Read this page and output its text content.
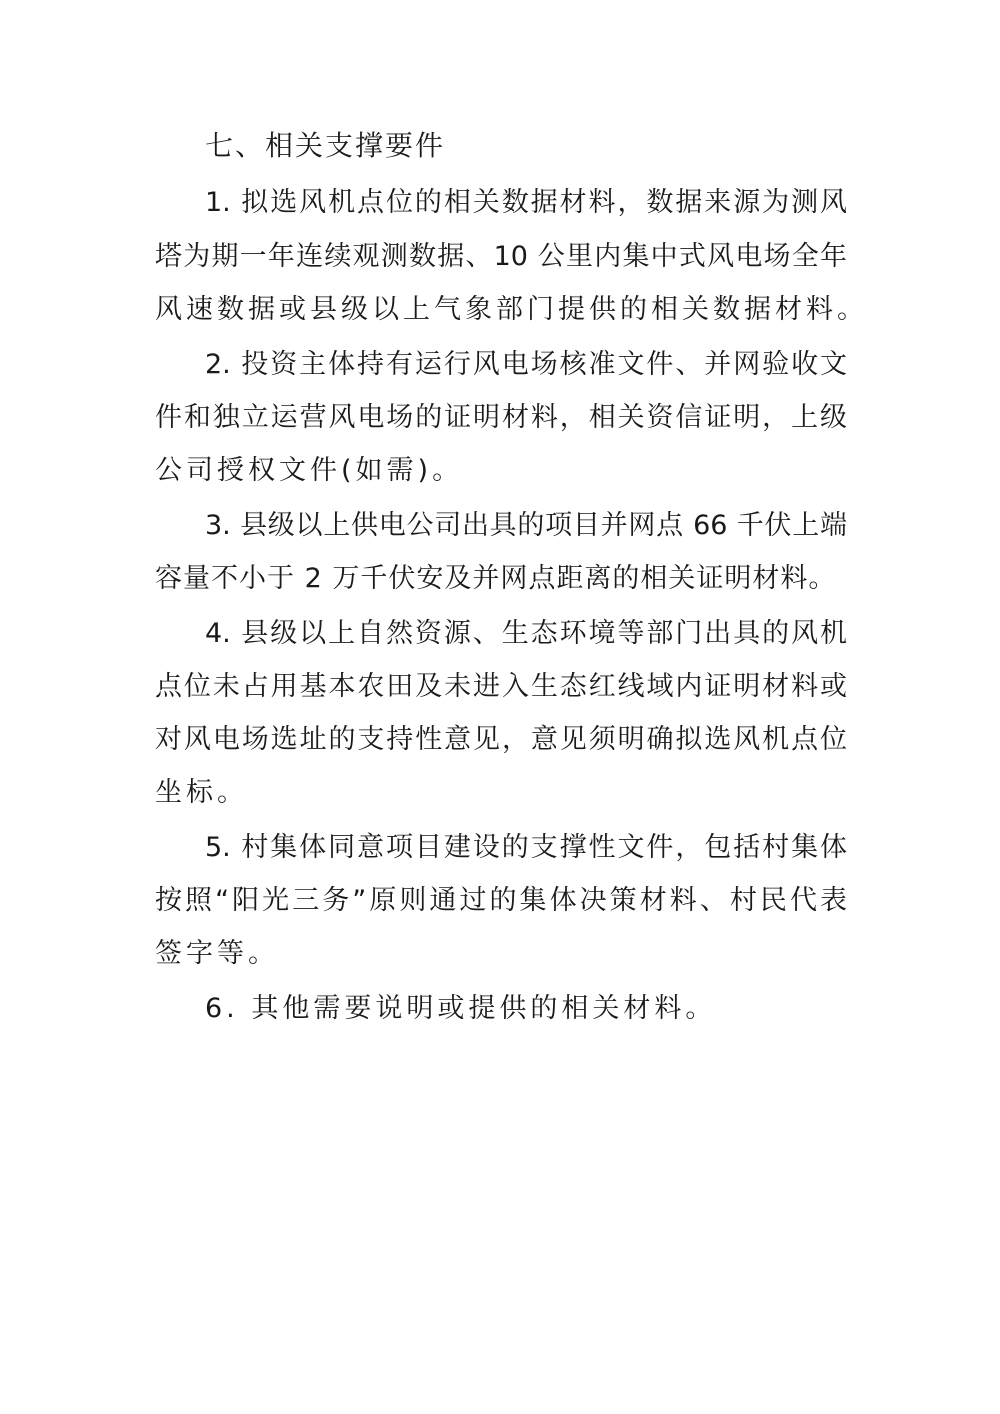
七、相关支撑要件
1. 拟选风机点位的相关数据材料，数据来源为测风
塔为期一年连续观测数据、10 公里内集中式风电场全年
风速数据或县级以上气象部门提供的相关数据材料。
2. 投资主体持有运行风电场核准文件、并网验收文
件和独立运营风电场的证明材料，相关资信证明，上级
公司授权文件(如需)。
3. 县级以上供电公司出具的项目并网点 66 千伏上端
容量不小于 2 万千伏安及并网点距离的相关证明材料。
4. 县级以上自然资源、生态环境等部门出具的风机
点位未占用基本农田及未进入生态红线域内证明材料或
对风电场选址的支持性意见，意见须明确拟选风机点位
坐标。
5. 村集体同意项目建设的支撑性文件，包括村集体
按照“阳光三务”原则通过的集体决策材料、村民代表
签字等。
6. 其他需要说明或提供的相关材料。
